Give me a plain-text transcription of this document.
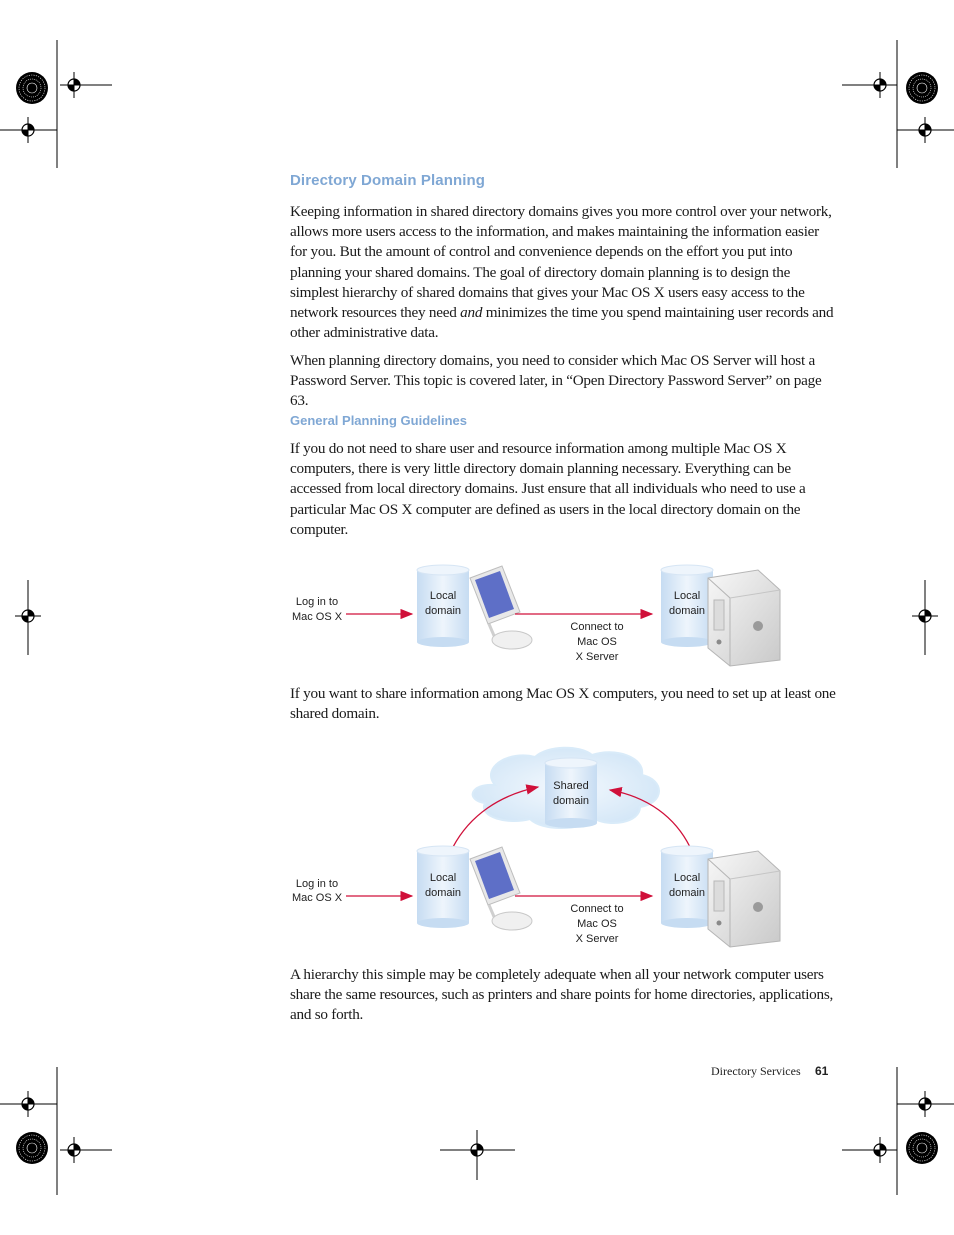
Directory Domain Planning

Keeping information in shared directory domains gives you more control over your network, allows more users access to the information, and makes maintaining the information easier for you. But the amount of control and convenience depends on the effort you put into planning your shared domains. The goal of directory domain planning is to design the simplest hierarchy of shared domains that gives your Mac OS X users easy access to the network resources they need and minimizes the time you spend maintaining user records and other administrative data.

When planning directory domains, you need to consider which Mac OS Server will host a Password Server. This topic is covered later, in “Open Directory Password Server” on page 63.

General Planning Guidelines

If you do not need to share user and resource information among multiple Mac OS X computers, there is very little directory domain planning necessary. Everything can be accessed from local directory domains. Just ensure that all individuals who need to use a particular Mac OS X computer are defined as users in the local directory domain on the computer.

Log in to
Mac OS X
Local
domain
Connect to
Mac OS
X Server
Local
domain

If you want to share information among Mac OS X computers, you need to set up at least one shared domain.

Shared
domain
Log in to
Mac OS X
Local
domain
Connect to
Mac OS
X Server
Local
domain

A hierarchy this simple may be completely adequate when all your network computer users share the same resources, such as printers and share points for home directories, applications, and so forth.

Directory Services 61
